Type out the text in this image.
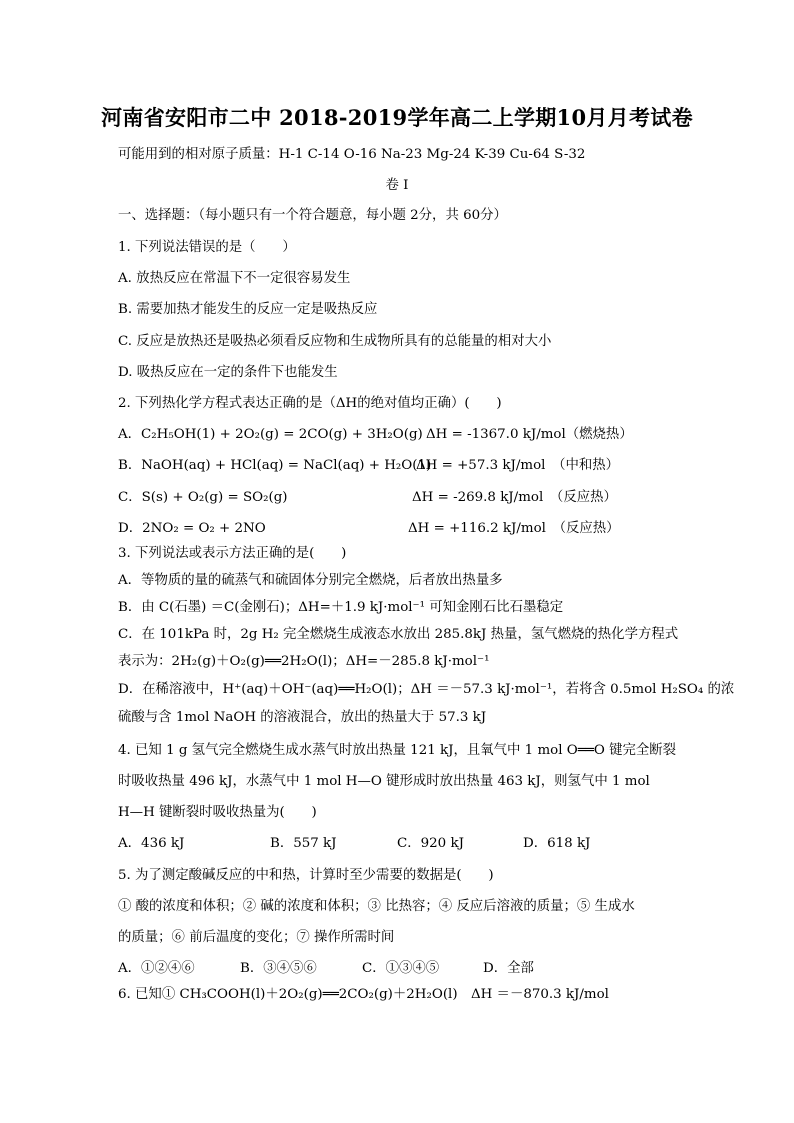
河南省安阳市二中 2018-2019学年高二上学期10月月考试卷

可能用到的相对原子质量：H-1 C-14 O-16 Na-23 Mg-24 K-39 Cu-64 S-32

卷 I

一、选择题：（每小题只有一个符合题意，每小题 2分，共 60分）

1. 下列说法错误的是（　　）

A. 放热反应在常温下不一定很容易发生

B. 需要加热才能发生的反应一定是吸热反应

C. 反应是放热还是吸热必须看反应物和生成物所具有的总能量的相对大小

D. 吸热反应在一定的条件下也能发生

2. 下列热化学方程式表达正确的是（ΔH的绝对值均正确）(　　)

A．C₂H₅OH(1) + 2O₂(g) = 2CO(g) + 3H₂O(g) ΔH = -1367.0 kJ/mol（燃烧热）
B．NaOH(aq) + HCl(aq) = NaCl(aq) + H₂O(1)
ΔH = +57.3 kJ/mol　（中和热）
C．S(s) + O₂(g) = SO₂(g)	ΔH = -269.8 kJ/mol　（反应热）
D．2NO₂ = O₂ + 2NO	ΔH = +116.2 kJ/mol　（反应热）

3. 下列说法或表示方法正确的是(　　)

A．等物质的量的硫蒸气和硫固体分别完全燃烧，后者放出热量多

B．由 C(石墨) ＝C(金刚石)；ΔH=＋1.9 kJ·mol⁻¹ 可知金刚石比石墨稳定

C．在 101kPa 时，2g H₂ 完全燃烧生成液态水放出 285.8kJ 热量，氢气燃烧的热化学方程式

表示为：2H₂(g)＋O₂(g)══2H₂O(l)；ΔH=－285.8 kJ·mol⁻¹

D．在稀溶液中，H⁺(aq)＋OH⁻(aq)══H₂O(l)；ΔH ＝－57.3 kJ·mol⁻¹，若将含 0.5mol H₂SO₄ 的浓

硫酸与含 1mol NaOH 的溶液混合，放出的热量大于 57.3 kJ

4. 已知 1 g 氢气完全燃烧生成水蒸气时放出热量 121 kJ，且氧气中 1 mol O══O 键完全断裂

时吸收热量 496 kJ，水蒸气中 1 mol H—O 键形成时放出热量 463 kJ，则氢气中 1 mol

H—H 键断裂时吸收热量为(　　)

A．436 kJ	B．557 kJ	C．920 kJ	D．618 kJ

5. 为了测定酸碱反应的中和热，计算时至少需要的数据是(　　)

① 酸的浓度和体积；② 碱的浓度和体积；③ 比热容；④ 反应后溶液的质量；⑤ 生成水

的质量；⑥ 前后温度的变化；⑦ 操作所需时间

A．①②④⑥	B．③④⑤⑥	C．①③④⑤	D．全部

6. 已知① CH₃COOH(l)＋2O₂(g)══2CO₂(g)＋2H₂O(l)　ΔH ＝－870.3 kJ/mol
